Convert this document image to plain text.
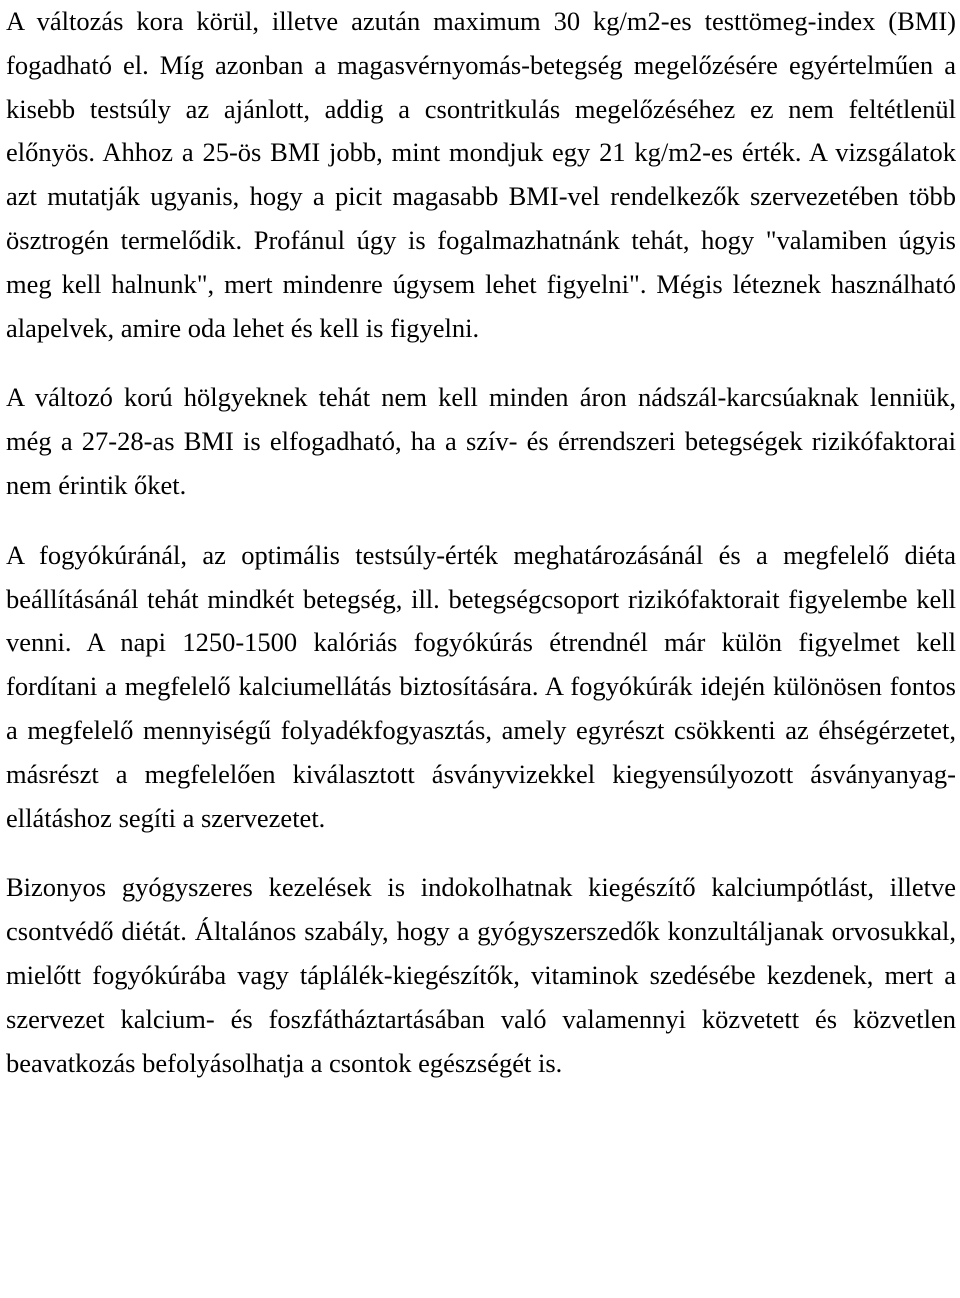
A változás kora körül, illetve azután maximum 30 kg/m2-es testtömeg-index (BMI) fogadható el. Míg azonban a magasvérnyomás-betegség megelőzésére egyértelműen a kisebb testsúly az ajánlott, addig a csontritkulás megelőzéséhez ez nem feltétlenül előnyös. Ahhoz a 25-ös BMI jobb, mint mondjuk egy 21 kg/m2-es érték. A vizsgálatok azt mutatják ugyanis, hogy a picit magasabb BMI-vel rendelkezők szervezetében több ösztrogén termelődik. Profánul úgy is fogalmazhatnánk tehát, hogy "valamiben úgyis meg kell halnunk", mert mindenre úgysem lehet figyelni". Mégis léteznek használható alapelvek, amire oda lehet és kell is figyelni.

A változó korú hölgyeknek tehát nem kell minden áron nádszál-karcsúaknak lenniük, még a 27-28-as BMI is elfogadható, ha a szív- és érrendszeri betegségek rizikófaktorai nem érintik őket.

A fogyókúránál, az optimális testsúly-érték meghatározásánál és a megfelelő diéta beállításánál tehát mindkét betegség, ill. betegségcsoport rizikófaktorait figyelembe kell venni. A napi 1250-1500 kalóriás fogyókúrás étrendnél már külön figyelmet kell fordítani a megfelelő kalciumellátás biztosítására. A fogyókúrák idején különösen fontos a megfelelő mennyiségű folyadékfogyasztás, amely egyrészt csökkenti az éhségérzetet, másrészt a megfelelően kiválasztott ásványvizekkel kiegyensúlyozott ásványanyag-ellátáshoz segíti a szervezetet.

Bizonyos gyógyszeres kezelések is indokolhatnak kiegészítő kalciumpótlást, illetve csontvédő diétát. Általános szabály, hogy a gyógyszerszedők konzultáljanak orvosukkal, mielőtt fogyókúrába vagy táplálék-kiegészítők, vitaminok szedésébe kezdenek, mert a szervezet kalcium- és foszfátháztartásában való valamennyi közvetett és közvetlen beavatkozás befolyásolhatja a csontok egészségét is.
